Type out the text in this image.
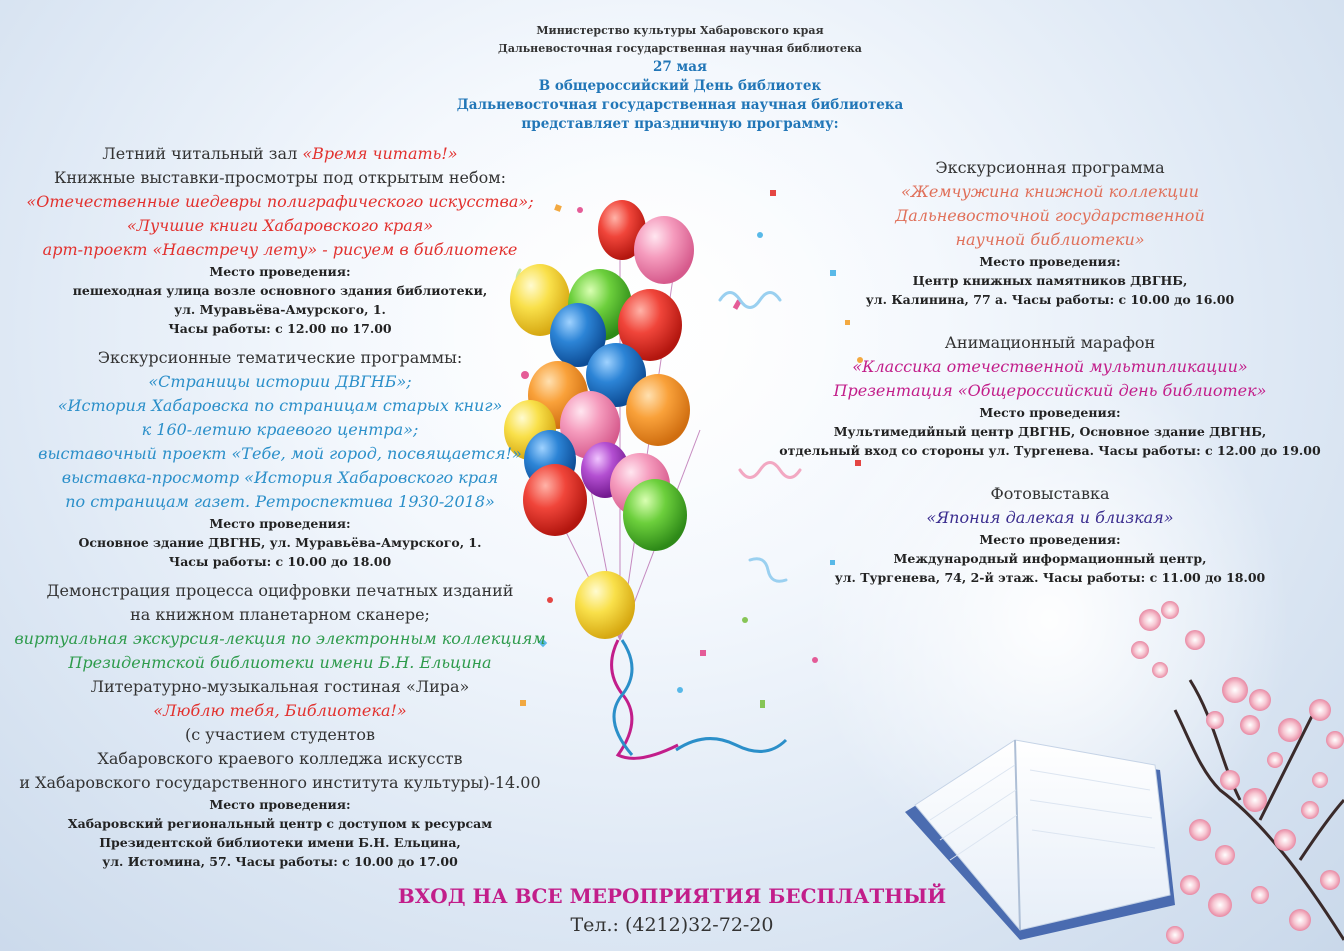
Министерство культуры Хабаровского края
Дальневосточная государственная научная библиотека
27 мая
В общероссийский День библиотек
Дальневосточная государственная научная библиотека
представляет праздничную программу:
Летний читальный зал «Время читать!»
Книжные выставки-просмотры под открытым небом:
«Отечественные шедевры полиграфического искусства»;
«Лучшие книги Хабаровского края»
арт-проект «Навстречу лету» - рисуем в библиотеке
Место проведения:
пешеходная улица возле основного здания библиотеки,
ул. Муравьёва-Амурского, 1.
Часы работы: с 12.00 по 17.00
Экскурсионные тематические программы:
«Страницы истории ДВГНБ»;
«История Хабаровска по страницам старых книг»
к 160-летию краевого центра»;
выставочный проект «Тебе, мой город, посвящается!»
выставка-просмотр «История Хабаровского края
по страницам газет. Ретроспектива 1930-2018»
Место проведения:
Основное здание ДВГНБ, ул. Муравьёва-Амурского, 1.
Часы работы: с 10.00 до 18.00
Демонстрация процесса оцифровки печатных изданий
на книжном планетарном сканере;
виртуальная экскурсия-лекция по электронным коллекциям
Президентской библиотеки имени Б.Н. Ельцина
Литературно-музыкальная гостиная «Лира»
«Люблю тебя, Библиотека!»
(с участием студентов
Хабаровского краевого колледжа искусств
и Хабаровского государственного института культуры)-14.00
Место проведения:
Хабаровский региональный центр с доступом к ресурсам
Президентской библиотеки имени Б.Н. Ельцина,
ул. Истомина, 57. Часы работы: с 10.00 до 17.00
Экскурсионная программа
«Жемчужина книжной коллекции
Дальневосточной государственной
научной библиотеки»
Место проведения:
Центр книжных памятников ДВГНБ,
ул. Калинина, 77 а. Часы работы: с 10.00 до 16.00
Анимационный марафон
«Классика отечественной мультипликации»
Презентация «Общероссийский день библиотек»
Место проведения:
Мультимедийный центр ДВГНБ, Основное здание ДВГНБ,
отдельный вход со стороны ул. Тургенева. Часы работы: с 12.00 до 19.00
Фотовыставка
«Япония далекая и близкая»
Место проведения:
Международный информационный центр,
ул. Тургенева, 74, 2-й этаж. Часы работы: с 11.00 до 18.00
ВХОД НА ВСЕ МЕРОПРИЯТИЯ БЕСПЛАТНЫЙ
Тел.: (4212)32-72-20
